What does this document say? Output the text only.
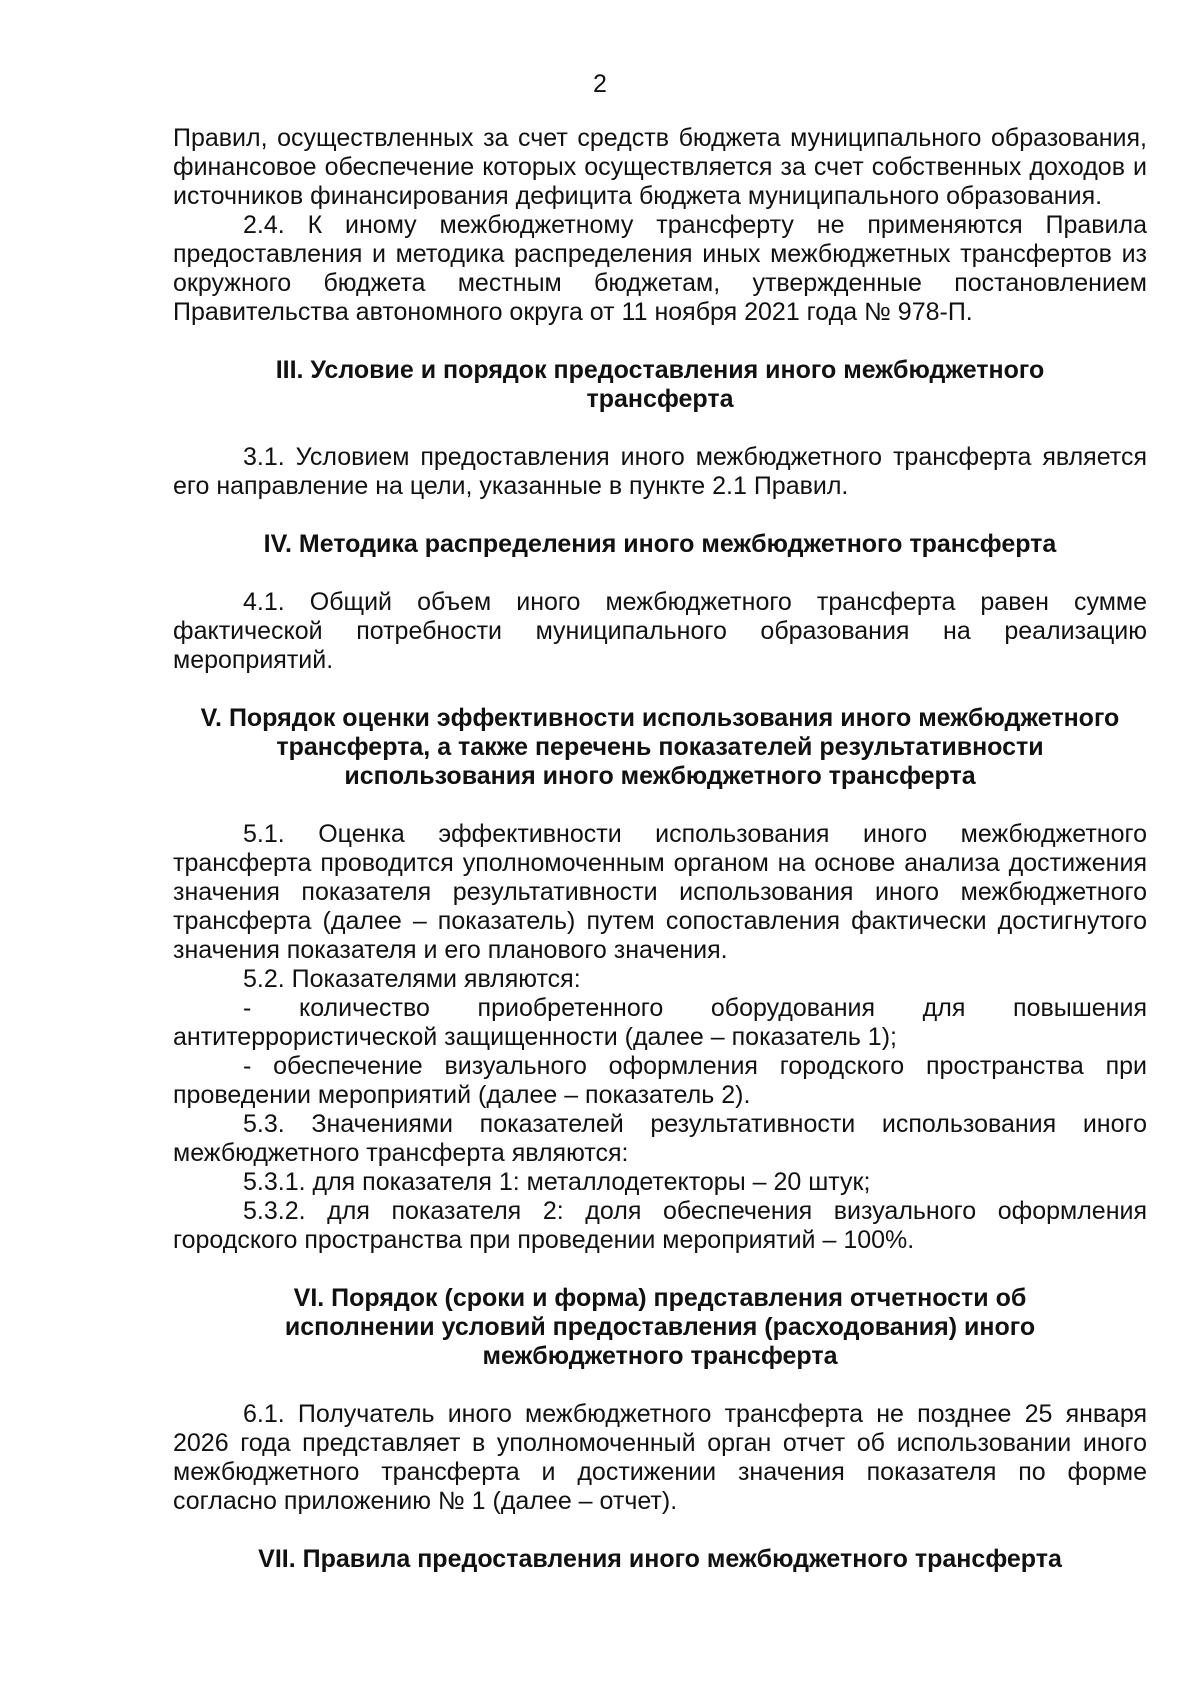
2

Правил, осуществленных за счет средств бюджета муниципального образования, финансовое обеспечение которых осуществляется за счет собственных доходов и источников финансирования дефицита бюджета муниципального образования.

2.4. К иному межбюджетному трансферту не применяются Правила предоставления и методика распределения иных межбюджетных трансфертов из окружного бюджета местным бюджетам, утвержденные постановлением Правительства автономного округа от 11 ноября 2021 года № 978-П.

III. Условие и порядок предоставления иного межбюджетного трансферта

3.1. Условием предоставления иного межбюджетного трансферта является его направление на цели, указанные в пункте 2.1 Правил.

IV. Методика распределения иного межбюджетного трансферта

4.1. Общий объем иного межбюджетного трансферта равен сумме фактической потребности муниципального образования на реализацию мероприятий.

V. Порядок оценки эффективности использования иного межбюджетного трансферта, а также перечень показателей результативности использования иного межбюджетного трансферта

5.1. Оценка эффективности использования иного межбюджетного трансферта проводится уполномоченным органом на основе анализа достижения значения показателя результативности использования иного межбюджетного трансферта (далее – показатель) путем сопоставления фактически достигнутого значения показателя и его планового значения.

5.2. Показателями являются:

- количество приобретенного оборудования для повышения антитеррористической защищенности (далее – показатель 1);

- обеспечение визуального оформления городского пространства при проведении мероприятий (далее – показатель 2).

5.3. Значениями показателей результативности использования иного межбюджетного трансферта являются:

5.3.1. для показателя 1: металлодетекторы – 20 штук;

5.3.2. для показателя 2: доля обеспечения визуального оформления городского пространства при проведении мероприятий – 100%.

VI. Порядок (сроки и форма) представления отчетности об исполнении условий предоставления (расходования) иного межбюджетного трансферта

6.1. Получатель иного межбюджетного трансферта не позднее 25 января 2026 года представляет в уполномоченный орган отчет об использовании иного межбюджетного трансферта и достижении значения показателя по форме согласно приложению № 1 (далее – отчет).

VII. Правила предоставления иного межбюджетного трансферта
